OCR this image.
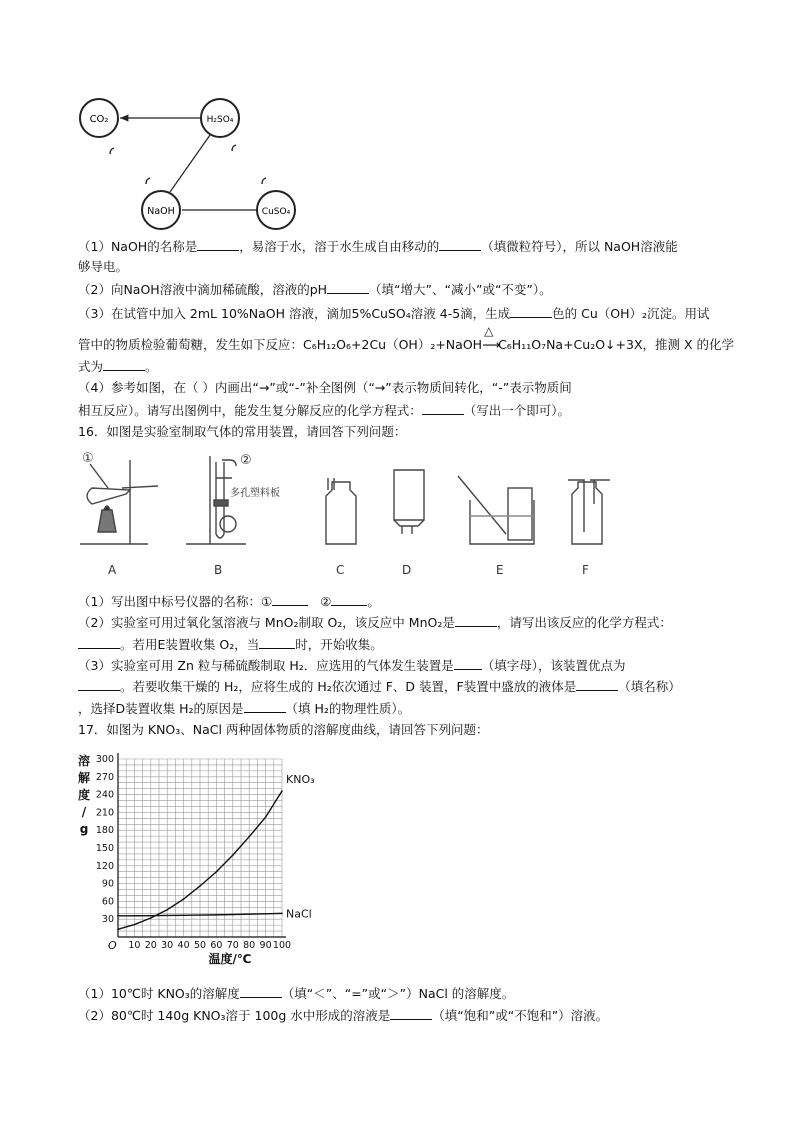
CO₂	H₂SO₄
NaOH	CuSO₄
（1）NaOH的名称是	，易溶于水，溶于水生成自由移动的	（填微粒符号），所以 NaOH溶液能
够导电。
（2）向NaOH溶液中滴加稀硫酸，溶液的pH	（填“增大”、“减小”或“不变”）。
（3）在试管中加入 2mL 10%NaOH 溶液，滴加5%CuSO₄溶液 4-5滴，生成	色的 Cu（OH）₂沉淀。用试
管中的物质检验葡萄糖，发生如下反应：C₆H₁₂O₆+2Cu（OH）₂+NaOH
△
⟶C₆H₁₁O₇Na+Cu₂O↓+3X，推测 X 的化学
式为	。
（4）参考如图，在（ ）内画出“→”或“-”补全图例（“→”表示物质间转化，“-”表示物质间
相互反应）。请写出图例中，能发生复分解反应的化学方程式：	（写出一个即可）。
16．如图是实验室制取气体的常用装置，请回答下列问题：
①	②
多孔塑料板
A	B	C	D	E	F
（1）写出图中标号仪器的名称：①	②	。
（2）实验室可用过氧化氢溶液与 MnO₂制取 O₂，该反应中 MnO₂是	，请写出该反应的化学方程式：
。若用E装置收集 O₂，当	时，开始收集。
（3）实验室可用 Zn 粒与稀硫酸制取 H₂．应选用的气体发生装置是 （填字母），该装置优点为
。若要收集干燥的 H₂，应将生成的 H₂依次通过 F、D 装置，F装置中盛放的液体是	（填名称）
，选择D装置收集 H₂的原因是	（填 H₂的物理性质）。
17．如图为 KNO₃、NaCl 两种固体物质的溶解度曲线，请回答下列问题：
10 20 30 40 50 60 70 80 90 100
30
60
90
120
150
180
210
240
270
300
O
溶
解
度
/
g
温度/℃
KNO₃
NaCl
（1）10℃时 KNO₃的溶解度	（填“＜”、“=”或“＞”）NaCl 的溶解度。
（2）80℃时 140g KNO₃溶于 100g 水中形成的溶液是	（填“饱和”或“不饱和”）溶液。
